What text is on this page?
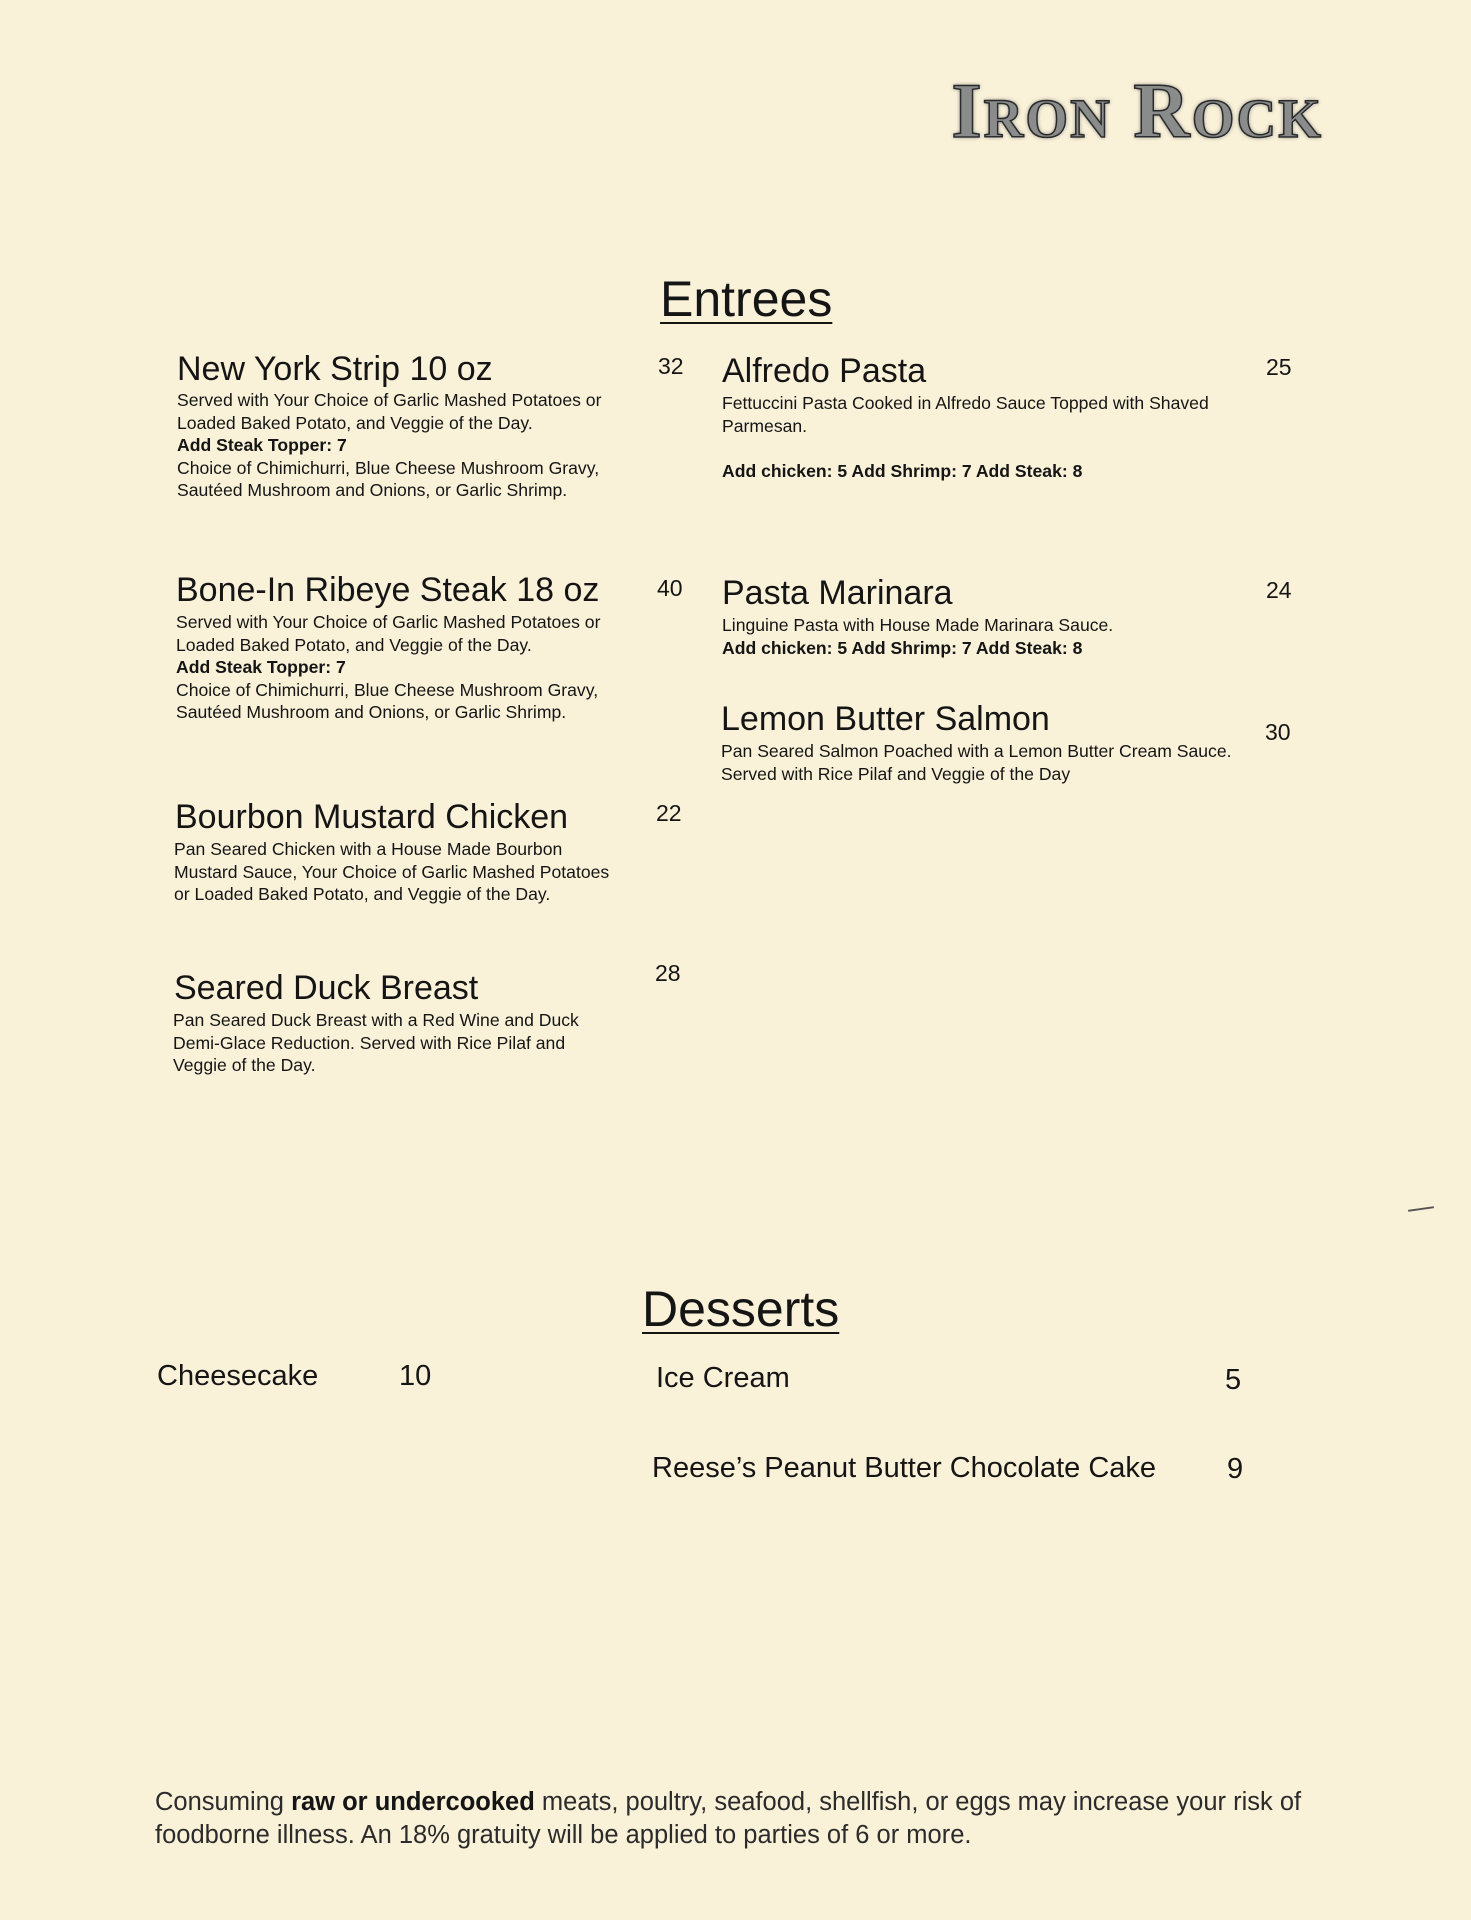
Iron Rock
Entrees
New York Strip 10 oz	32
Served with Your Choice of Garlic Mashed Potatoes or Loaded Baked Potato, and Veggie of the Day.
Add Steak Topper: 7
Choice of Chimichurri, Blue Cheese Mushroom Gravy, Sautéed Mushroom and Onions, or Garlic Shrimp.
Bone-In Ribeye Steak 18 oz	40
Served with Your Choice of Garlic Mashed Potatoes or Loaded Baked Potato, and Veggie of the Day.
Add Steak Topper: 7
Choice of Chimichurri, Blue Cheese Mushroom Gravy, Sautéed Mushroom and Onions, or Garlic Shrimp.
Bourbon Mustard Chicken	22
Pan Seared Chicken with a House Made Bourbon Mustard Sauce, Your Choice of Garlic Mashed Potatoes or Loaded Baked Potato, and Veggie of the Day.
Seared Duck Breast	28
Pan Seared Duck Breast with a Red Wine and Duck Demi-Glace Reduction. Served with Rice Pilaf and Veggie of the Day.
Alfredo Pasta	25
Fettuccini Pasta Cooked in Alfredo Sauce Topped with Shaved Parmesan.
Add chicken: 5 Add Shrimp: 7 Add Steak: 8
Pasta Marinara	24
Linguine Pasta with House Made Marinara Sauce.
Add chicken: 5 Add Shrimp: 7 Add Steak: 8
Lemon Butter Salmon	30
Pan Seared Salmon Poached with a Lemon Butter Cream Sauce. Served with Rice Pilaf and Veggie of the Day
Desserts
Cheesecake	10	Ice Cream	5
Reese’s Peanut Butter Chocolate Cake 9
Consuming raw or undercooked meats, poultry, seafood, shellfish, or eggs may increase your risk of foodborne illness. An 18% gratuity will be applied to parties of 6 or more.
